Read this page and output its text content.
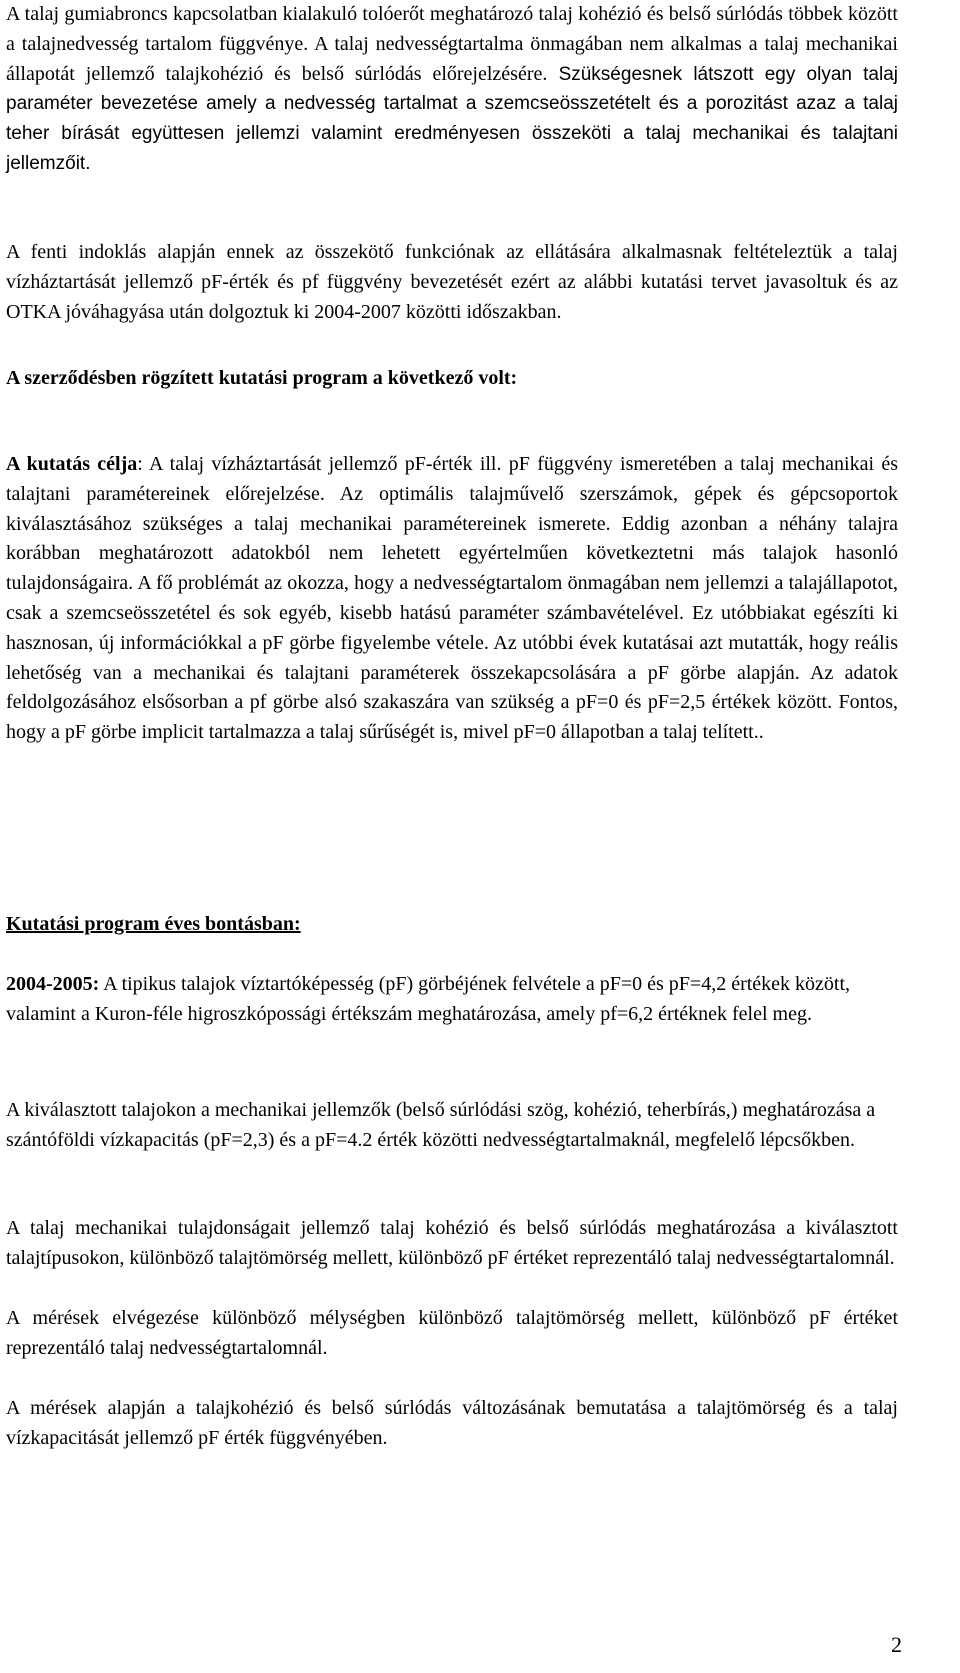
A talaj gumiabroncs kapcsolatban kialakuló tolóerőt meghatározó talaj kohézió és belső súrlódás többek között a talajnedvesség tartalom függvénye. A talaj nedvességtartalma önmagában nem alkalmas a talaj mechanikai állapotát jellemző talajkohézió és belső súrlódás előrejelzésére. Szükségesnek látszott egy olyan talaj paraméter bevezetése amely a nedvesség tartalmat a szemcseösszetételt és a porozitást azaz a talaj teher bírását együttesen jellemzi valamint eredményesen összeköti a talaj mechanikai és talajtani jellemzőit.

A fenti indoklás alapján ennek az összekötő funkciónak az ellátására alkalmasnak feltételeztük a talaj vízháztartását jellemző pF-érték és pf függvény bevezetését ezért az alábbi kutatási tervet javasoltuk és az OTKA jóváhagyása után dolgoztuk ki 2004-2007 közötti időszakban.

A szerződésben rögzített kutatási program a következő volt:

A kutatás célja: A talaj vízháztartását jellemző pF-érték ill. pF függvény ismeretében a talaj mechanikai és talajtani paramétereinek előrejelzése. Az optimális talajművelő szerszámok, gépek és gépcsoportok kiválasztásához szükséges a talaj mechanikai paramétereinek ismerete. Eddig azonban a néhány talajra korábban meghatározott adatokból nem lehetett egyértelműen következtetni más talajok hasonló tulajdonságaira. A fő problémát az okozza, hogy a nedvességtartalom önmagában nem jellemzi a talajállapotot, csak a szemcseösszetétel és sok egyéb, kisebb hatású paraméter számbavételével. Ez utóbbiakat egészíti ki hasznosan, új információkkal a pF görbe figyelembe vétele. Az utóbbi évek kutatásai azt mutatták, hogy reális lehetőség van a mechanikai és talajtani paraméterek összekapcsolására a pF görbe alapján. Az adatok feldolgozásához elsősorban a pf görbe alsó szakaszára van szükség a pF=0 és pF=2,5 értékek között. Fontos, hogy a pF görbe implicit tartalmazza a talaj sűrűségét is, mivel pF=0 állapotban a talaj telített..

Kutatási program éves bontásban:

2004-2005: A tipikus talajok víztartóképesség (pF) görbéjének felvétele a pF=0 és pF=4,2 értékek között, valamint a Kuron-féle higroszkópossági értékszám meghatározása, amely pf=6,2 értéknek felel meg.

A kiválasztott talajokon a mechanikai jellemzők (belső súrlódási szög, kohézió, teherbírás,) meghatározása a szántóföldi vízkapacitás (pF=2,3) és a pF=4.2 érték közötti nedvességtartalmaknál, megfelelő lépcsőkben.

A talaj mechanikai tulajdonságait jellemző talaj kohézió és belső súrlódás meghatározása a kiválasztott talajtípusokon, különböző talajtömörség mellett, különböző pF értéket reprezentáló talaj nedvességtartalomnál.

A mérések elvégezése különböző mélységben különböző talajtömörség mellett, különböző pF értéket reprezentáló talaj nedvességtartalomnál.

A mérések alapján a talajkohézió és belső súrlódás változásának bemutatása a talajtömörség és a talaj vízkapacitását jellemző pF érték függvényében.

2
